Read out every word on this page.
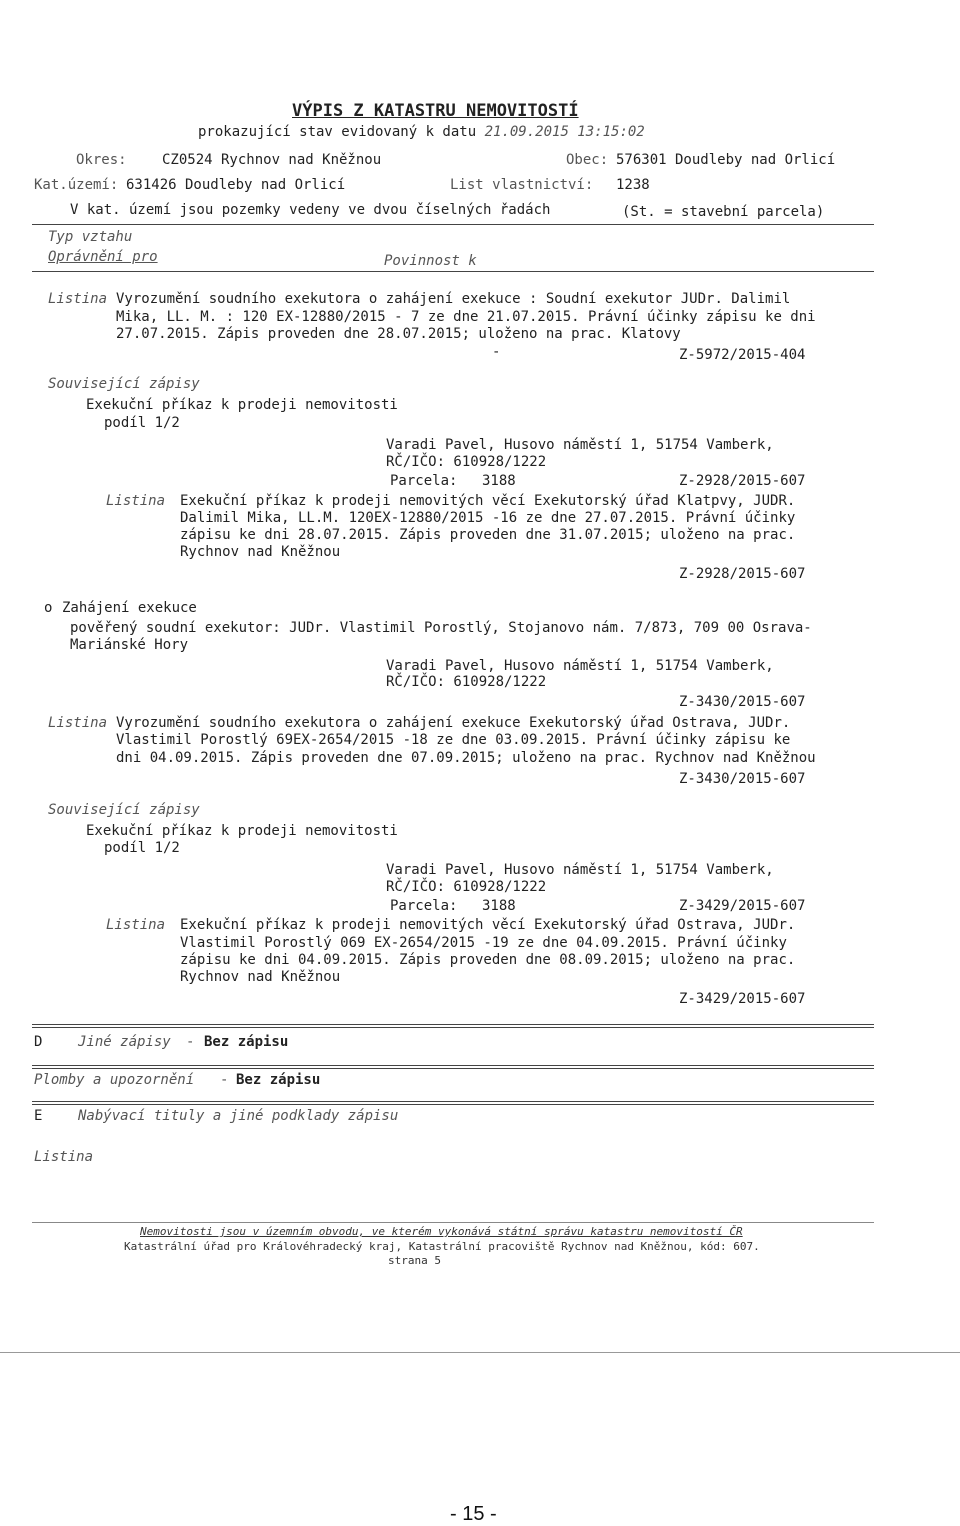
VÝPIS Z KATASTRU NEMOVITOSTÍ
prokazující stav evidovaný k datu 21.09.2015 13:15:02
Okres:	CZ0524 Rychnov nad Kněžnou	Obec: 576301 Doudleby nad Orlicí
Kat.území: 631426 Doudleby nad Orlicí	List vlastnictví: 1238
V kat. území jsou pozemky vedeny ve dvou číselných řadách	(St. = stavební parcela)
Typ vztahu
Oprávnění pro	Povinnost k
Listina Vyrozumění soudního exekutora o zahájení exekuce : Soudní exekutor JUDr. Dalimil
Mika, LL. M. : 120 EX-12880/2015 - 7 ze dne 21.07.2015. Právní účinky zápisu ke dni
27.07.2015. Zápis proveden dne 28.07.2015; uloženo na prac. Klatovy
-	Z-5972/2015-404
Související zápisy
Exekuční příkaz k prodeji nemovitosti
podíl 1/2
Varadi Pavel, Husovo náměstí 1, 51754 Vamberk,
RČ/IČO: 610928/1222
Parcela: 3188	Z-2928/2015-607
Listina Exekuční příkaz k prodeji nemovitých věcí Exekutorský úřad Klatpvy, JUDR.
Dalimil Mika, LL.M. 120EX-12880/2015 -16 ze dne 27.07.2015. Právní účinky
zápisu ke dni 28.07.2015. Zápis proveden dne 31.07.2015; uloženo na prac.
Rychnov nad Kněžnou
Z-2928/2015-607
o Zahájení exekuce
pověřený soudní exekutor: JUDr. Vlastimil Porostlý, Stojanovo nám. 7/873, 709 00 Osrava-
Mariánské Hory
Varadi Pavel, Husovo náměstí 1, 51754 Vamberk,
RČ/IČO: 610928/1222
Z-3430/2015-607
Listina Vyrozumění soudního exekutora o zahájení exekuce Exekutorský úřad Ostrava, JUDr.
Vlastimil Porostlý 69EX-2654/2015 -18 ze dne 03.09.2015. Právní účinky zápisu ke
dni 04.09.2015. Zápis proveden dne 07.09.2015; uloženo na prac. Rychnov nad Kněžnou
Z-3430/2015-607
Související zápisy
Exekuční příkaz k prodeji nemovitosti
podíl 1/2
Varadi Pavel, Husovo náměstí 1, 51754 Vamberk,
RČ/IČO: 610928/1222
Parcela: 3188	Z-3429/2015-607
Listina Exekuční příkaz k prodeji nemovitých věcí Exekutorský úřad Ostrava, JUDr.
Vlastimil Porostlý 069 EX-2654/2015 -19 ze dne 04.09.2015. Právní účinky
zápisu ke dni 04.09.2015. Zápis proveden dne 08.09.2015; uloženo na prac.
Rychnov nad Kněžnou
Z-3429/2015-607
D	Jiné zápisy - Bez zápisu
Plomby a upozornění - Bez zápisu
E	Nabývací tituly a jiné podklady zápisu
Listina
Nemovitosti jsou v územním obvodu, ve kterém vykonává státní správu katastru nemovitostí ČR
Katastrální úřad pro Královéhradecký kraj, Katastrální pracoviště Rychnov nad Kněžnou, kód: 607.
strana 5
- 15 -
